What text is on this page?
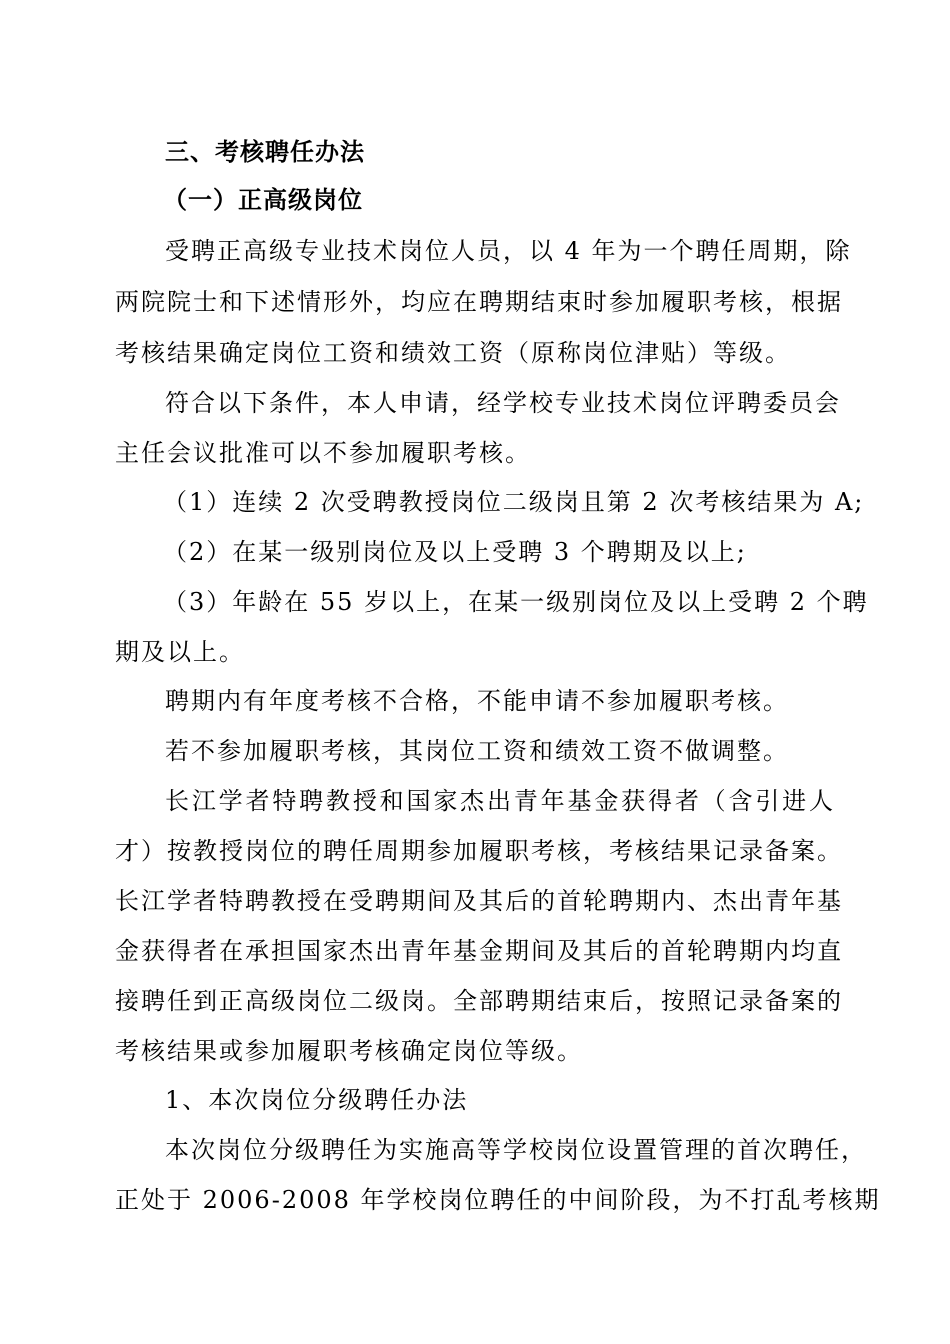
三、考核聘任办法
（一）正高级岗位
受聘正高级专业技术岗位人员，以 4 年为一个聘任周期，除
两院院士和下述情形外，均应在聘期结束时参加履职考核，根据
考核结果确定岗位工资和绩效工资（原称岗位津贴）等级。
符合以下条件，本人申请，经学校专业技术岗位评聘委员会
主任会议批准可以不参加履职考核。
（1）连续 2 次受聘教授岗位二级岗且第 2 次考核结果为 A;
（2）在某一级别岗位及以上受聘 3 个聘期及以上;
（3）年龄在 55 岁以上，在某一级别岗位及以上受聘 2 个聘
期及以上。
聘期内有年度考核不合格，不能申请不参加履职考核。
若不参加履职考核，其岗位工资和绩效工资不做调整。
长江学者特聘教授和国家杰出青年基金获得者（含引进人
才）按教授岗位的聘任周期参加履职考核，考核结果记录备案。
长江学者特聘教授在受聘期间及其后的首轮聘期内、杰出青年基
金获得者在承担国家杰出青年基金期间及其后的首轮聘期内均直
接聘任到正高级岗位二级岗。全部聘期结束后，按照记录备案的
考核结果或参加履职考核确定岗位等级。
1、本次岗位分级聘任办法
本次岗位分级聘任为实施高等学校岗位设置管理的首次聘任，
正处于 2006-2008 年学校岗位聘任的中间阶段，为不打乱考核期
